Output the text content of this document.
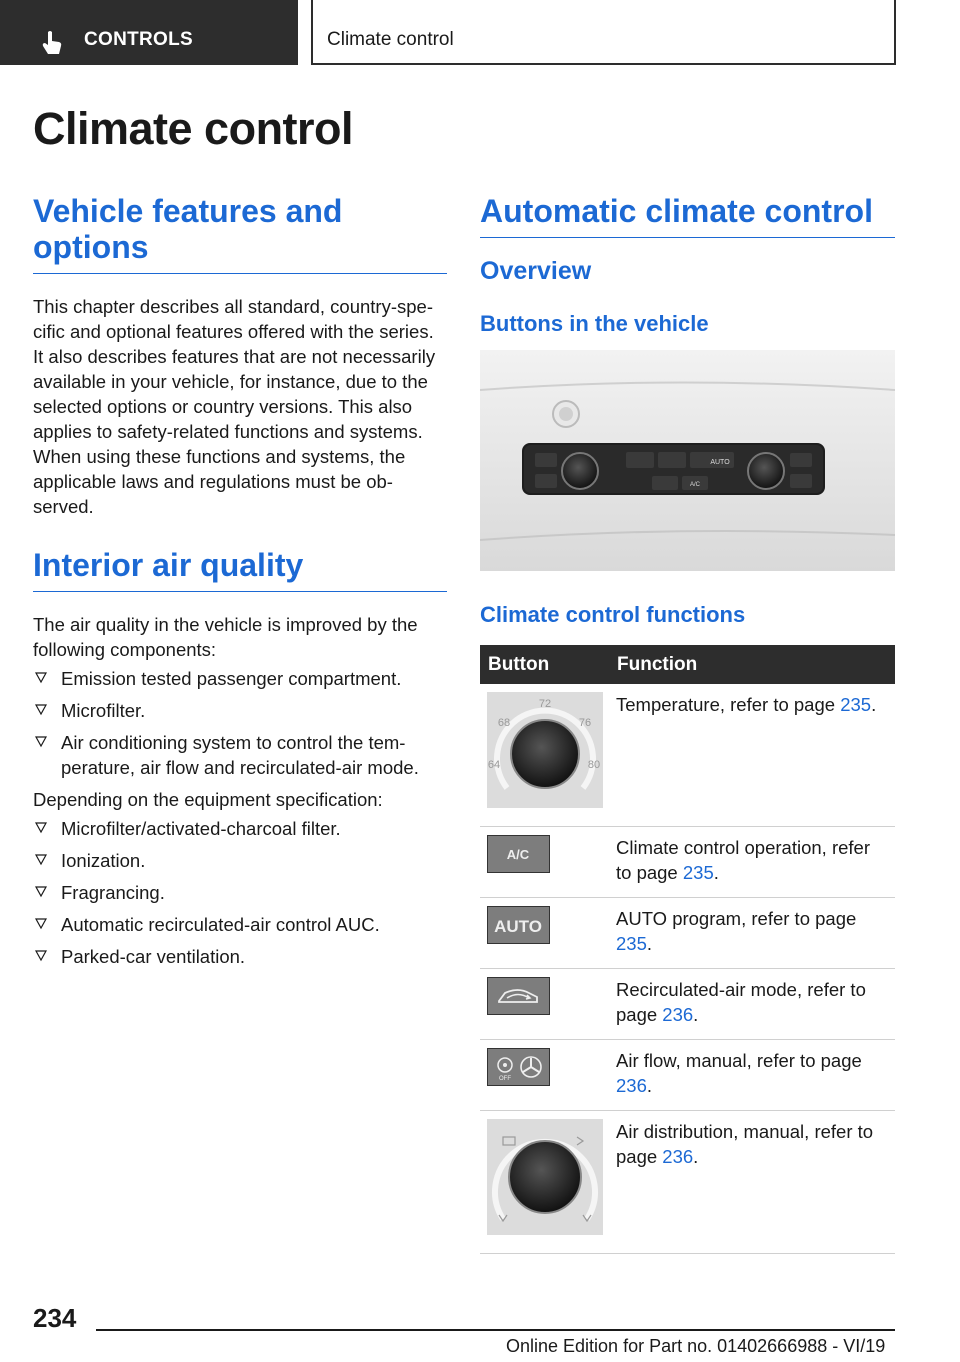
CONTROLS	Climate control
Climate control
Vehicle features and options

This chapter describes all standard, country-specific and optional features offered with the series. It also describes features that are not necessarily available in your vehicle, for instance, due to the selected options or country versions. This also applies to safety-related functions and systems. When using these functions and systems, the applicable laws and regulations must be observed.

Interior air quality

The air quality in the vehicle is improved by the following components:

Emission tested passenger compartment.
Microfilter.
Air conditioning system to control the temperature, air flow and recirculated-air mode.

Depending on the equipment specification:

Microfilter/activated-charcoal filter.
Ionization.
Fragrancing.
Automatic recirculated-air control AUC.
Parked-car ventilation.
Automatic climate control
Overview
Buttons in the vehicle
AUTO
A/C
Climate control functions
Button	Function

72
68 76
64 80	Temperature, refer to page 235.

A/C	Climate control operation, refer to page 235.

AUTO	AUTO program, refer to page 235.
	Recirculated-air mode, refer to page 236.

OFF	Air flow, manual, refer to page 236.
	Air distribution, manual, refer to page 236.
234
Online Edition for Part no. 01402666988 - VI/19
